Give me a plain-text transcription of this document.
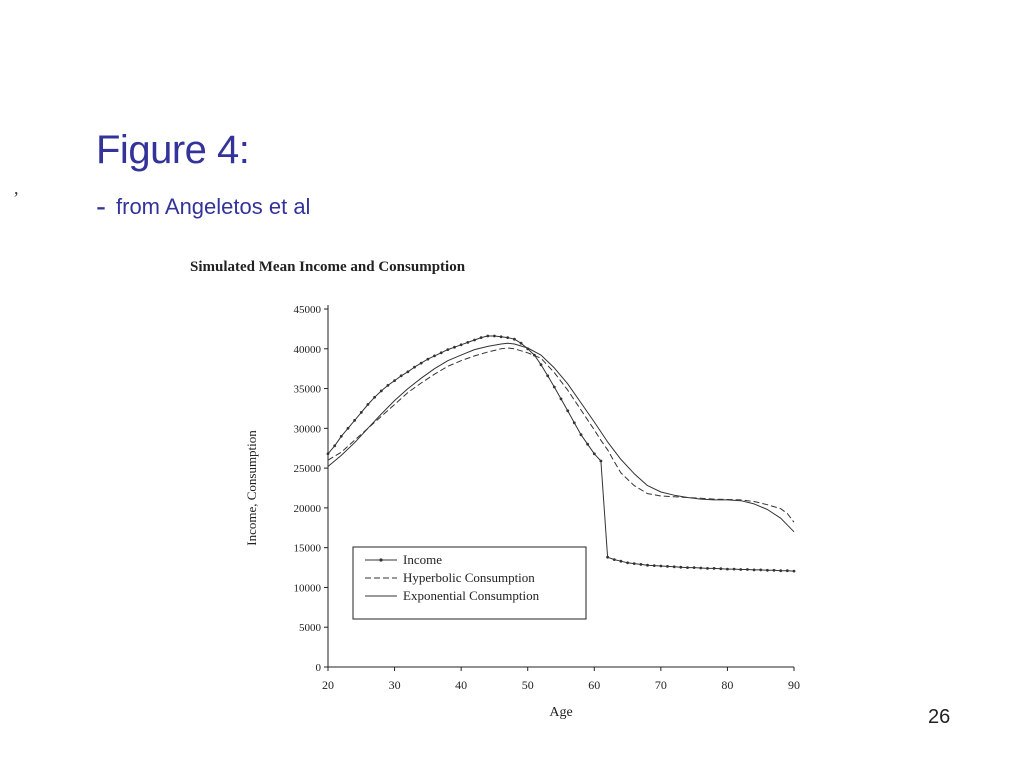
,
Figure 4:
- from Angeletos et al
Simulated Mean Income and Consumption
0
5000
10000
15000
20000
25000
30000
35000
40000
45000
20	30	40	50	60	70	80	90
Income
Hyperbolic Consumption
Exponential Consumption
Age
Income, Consumption
26
